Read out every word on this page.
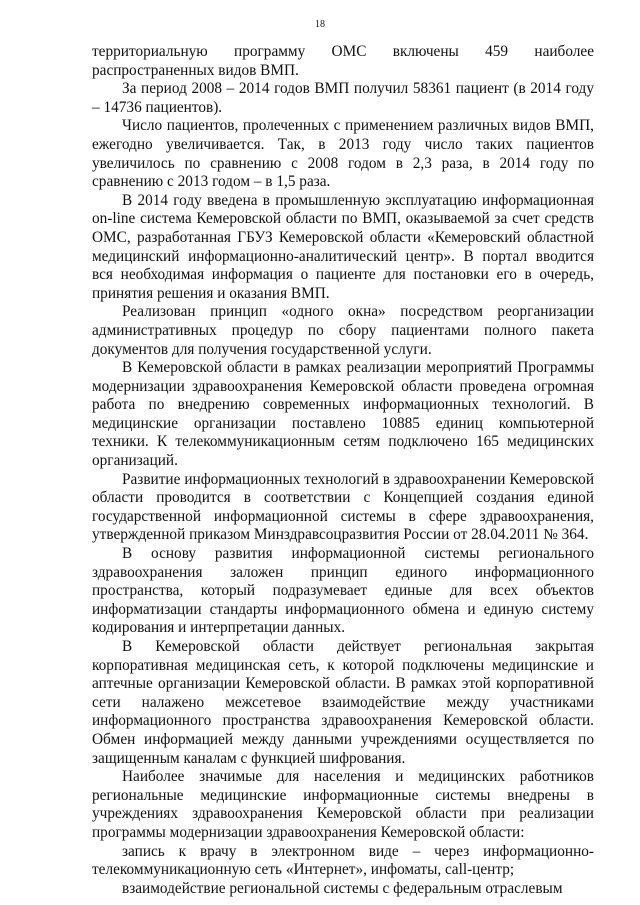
18

территориальную программу ОМС включены 459 наиболее распространенных видов ВМП.

За период 2008 – 2014 годов ВМП получил 58361 пациент (в 2014 году – 14736 пациентов).

Число пациентов, пролеченных с применением различных видов ВМП, ежегодно увеличивается. Так, в 2013 году число таких пациентов увеличилось по сравнению с 2008 годом в 2,3 раза, в 2014 году по сравнению с 2013 годом – в 1,5 раза.

В 2014 году введена в промышленную эксплуатацию информационная on-line система Кемеровской области по ВМП, оказываемой за счет средств ОМС, разработанная ГБУЗ Кемеровской области «Кемеровский областной медицинский информационно-аналитический центр». В портал вводится вся необходимая информация о пациенте для постановки его в очередь, принятия решения и оказания ВМП.

Реализован принцип «одного окна» посредством реорганизации административных процедур по сбору пациентами полного пакета документов для получения государственной услуги.

В Кемеровской области в рамках реализации мероприятий Программы модернизации здравоохранения Кемеровской области проведена огромная работа по внедрению современных информационных технологий. В медицинские организации поставлено 10885 единиц компьютерной техники. К телекоммуникационным сетям подключено 165 медицинских организаций.

Развитие информационных технологий в здравоохранении Кемеровской области проводится в соответствии с Концепцией создания единой государственной информационной системы в сфере здравоохранения, утвержденной приказом Минздравсоцразвития России от 28.04.2011 № 364.

В основу развития информационной системы регионального здравоохранения заложен принцип единого информационного пространства, который подразумевает единые для всех объектов информатизации стандарты информационного обмена и единую систему кодирования и интерпретации данных.

В Кемеровской области действует региональная закрытая корпоративная медицинская сеть, к которой подключены медицинские и аптечные организации Кемеровской области. В рамках этой корпоративной сети налажено межсетевое взаимодействие между участниками информационного пространства здравоохранения Кемеровской области. Обмен информацией между данными учреждениями осуществляется по защищенным каналам с функцией шифрования.

Наиболее значимые для населения и медицинских работников региональные медицинские информационные системы внедрены в учреждениях здравоохранения Кемеровской области при реализации программы модернизации здравоохранения Кемеровской области:

запись к врачу в электронном виде – через информационно-телекоммуникационную сеть «Интернет», инфоматы, call-центр;

взаимодействие региональной системы с федеральным отраслевым
